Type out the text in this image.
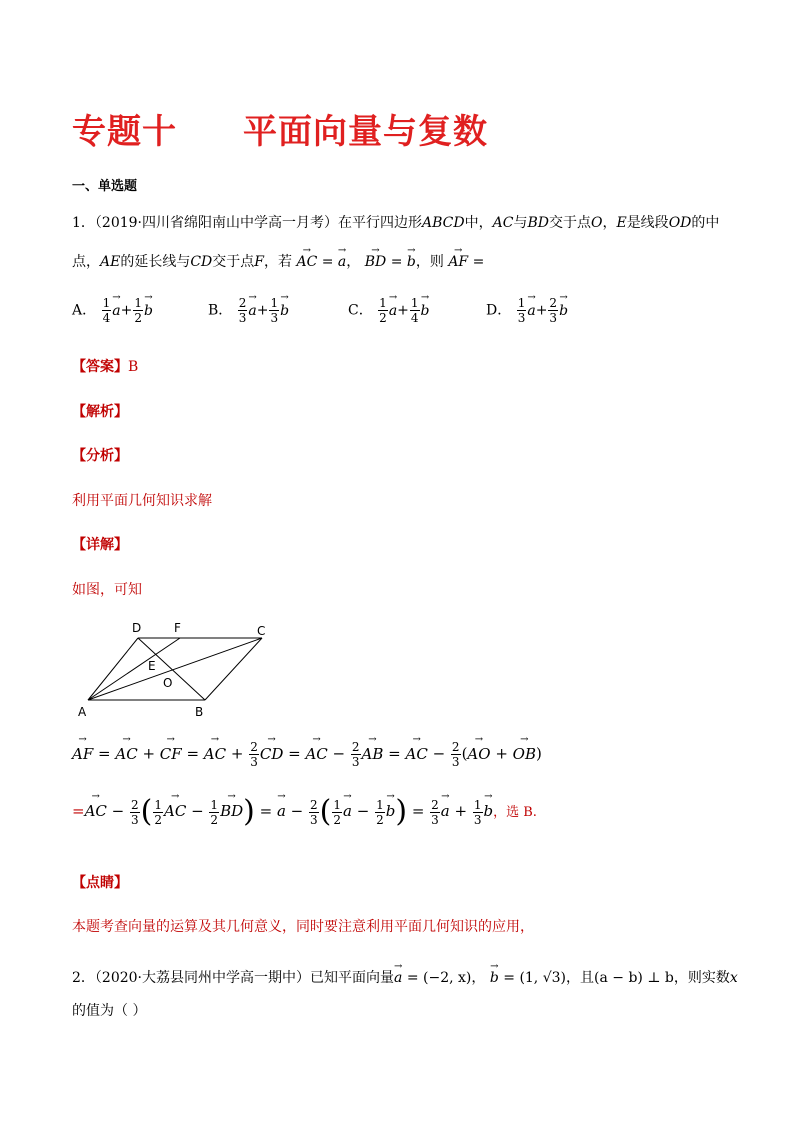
专题十 平面向量与复数
一、单选题
1．（2019·四川省绵阳南山中学高一月考）在平行四边形ABCD中，AC与BD交于点O，E是线段OD的中
点，AE的延长线与CD交于点F，若 → AC = → a， → BD = → b，则 → AF =
A． $\frac{1}{4}$
→ $a+ \frac{1}{2}$
→ b	B． $\frac{2}{3}$
→ $a+ \frac{1}{3}$
→ b	C． $\frac{1}{2}$
→ $a+ \frac{1}{4}$
→ b	D． $\frac{1}{3}$
→ $a+ \frac{2}{3}$
→ b
【答案】B
【解析】
【分析】
利用平面几何知识求解
【详解】
如图，可知
D	F	C
E
O
A	B
→ AF = → AC + → CF = → AC + $\frac{2}{3}$
→ CD = → AC − $\frac{2}{3}$
→ AB = → AC − $\frac{2}{3}$ (→ AO + → OB)
=→ AC − $\frac{2}{3}$ ( $\frac{1}{2}$
→ AC − $\frac{1}{2}$
→ BD) = → $a - \frac{2}{3}$ ( $\frac{1}{2}$
→ $a - \frac{1}{2}$
→ $b) = \frac{2}{3}$
→ $a + \frac{1}{3}$
→ b，选 B.
【点睛】
本题考查向量的运算及其几何意义，同时要注意利用平面几何知识的应用，
2．（2020·大荔县同州中学高一期中）已知平面向量→ a = (−2, x)， → b = (1, √3)，且(a − b) ⊥ b，则实数x
的值为（ ）
